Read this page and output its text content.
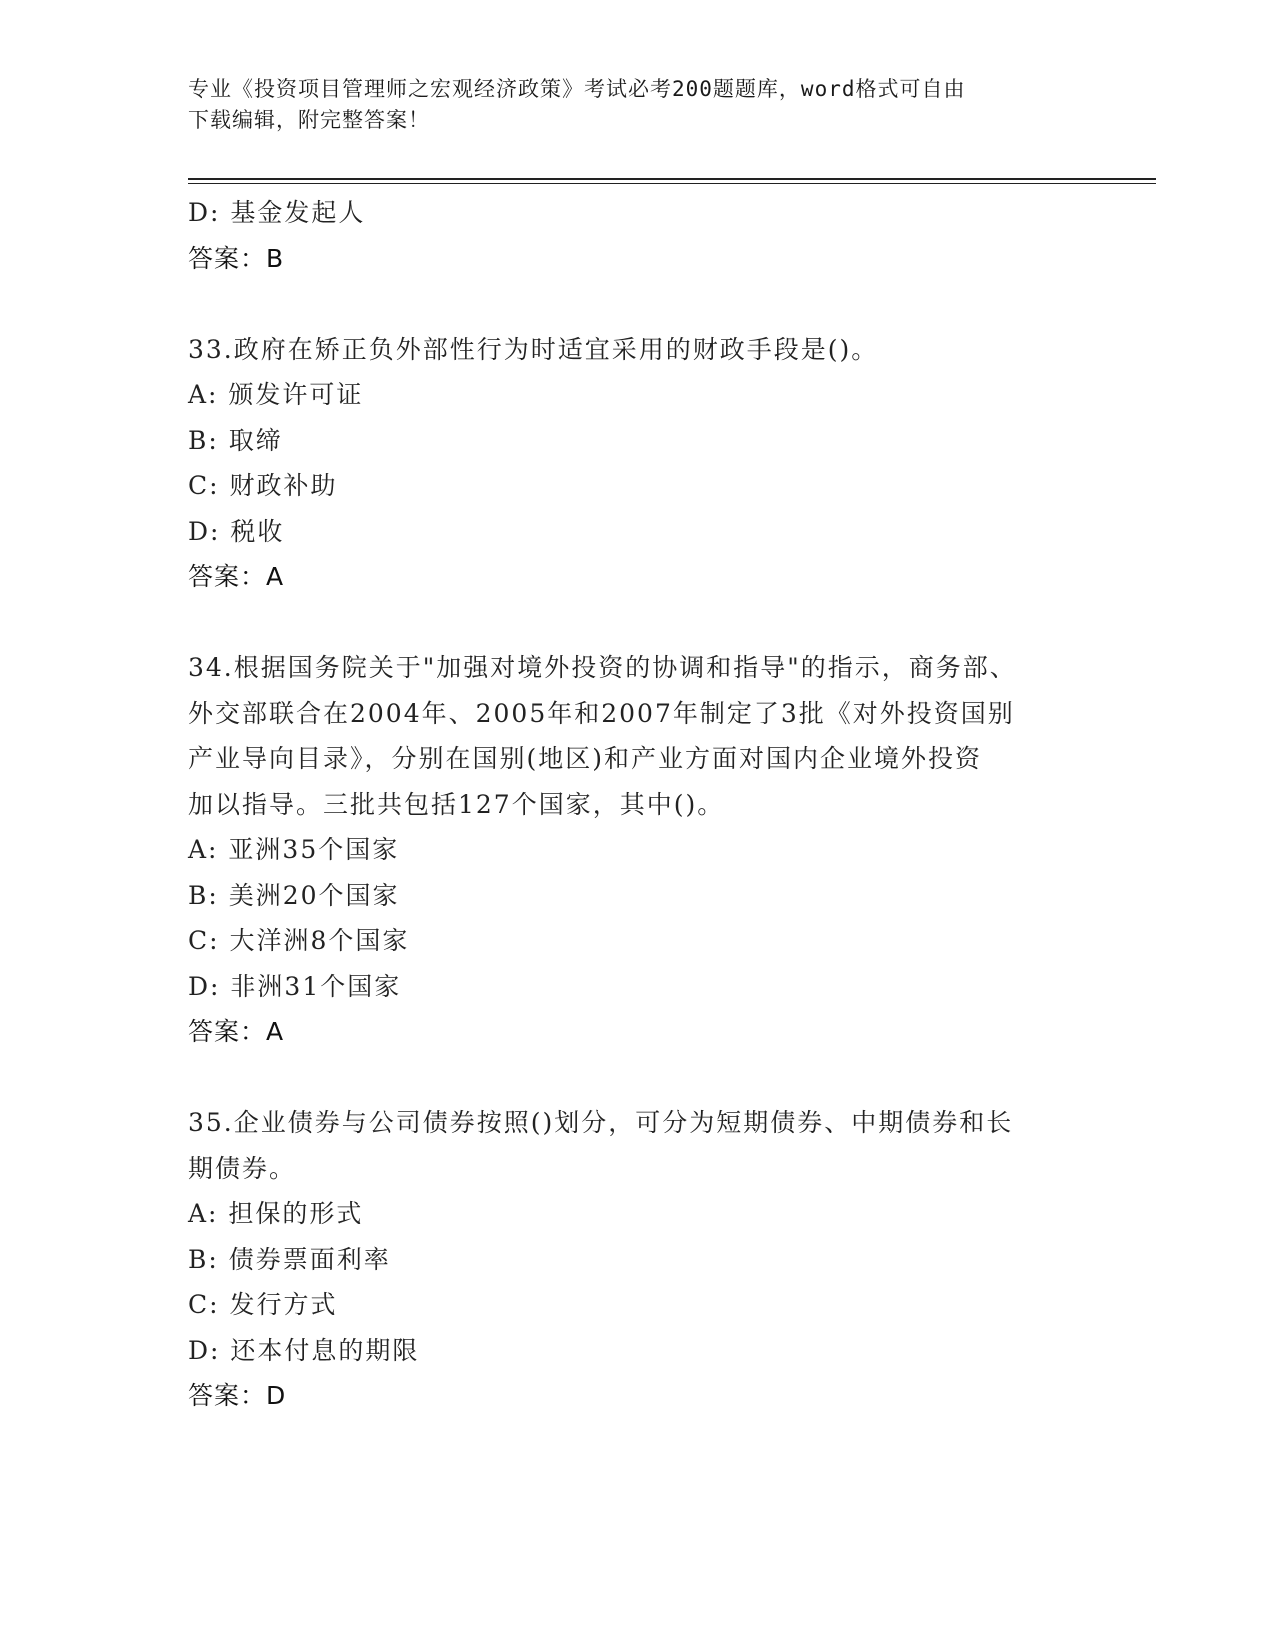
专业《投资项目管理师之宏观经济政策》考试必考200题题库，word格式可自由
下载编辑，附完整答案！
D: 基金发起人
答案：B
33.政府在矫正负外部性行为时适宜采用的财政手段是()。
A: 颁发许可证
B: 取缔
C: 财政补助
D: 税收
答案：A
34.根据国务院关于"加强对境外投资的协调和指导"的指示，商务部、
外交部联合在2004年、2005年和2007年制定了3批《对外投资国别
产业导向目录》，分别在国别(地区)和产业方面对国内企业境外投资
加以指导。三批共包括127个国家，其中()。
A: 亚洲35个国家
B: 美洲20个国家
C: 大洋洲8个国家
D: 非洲31个国家
答案：A
35.企业债券与公司债券按照()划分，可分为短期债券、中期债券和长
期债券。
A: 担保的形式
B: 债券票面利率
C: 发行方式
D: 还本付息的期限
答案：D
